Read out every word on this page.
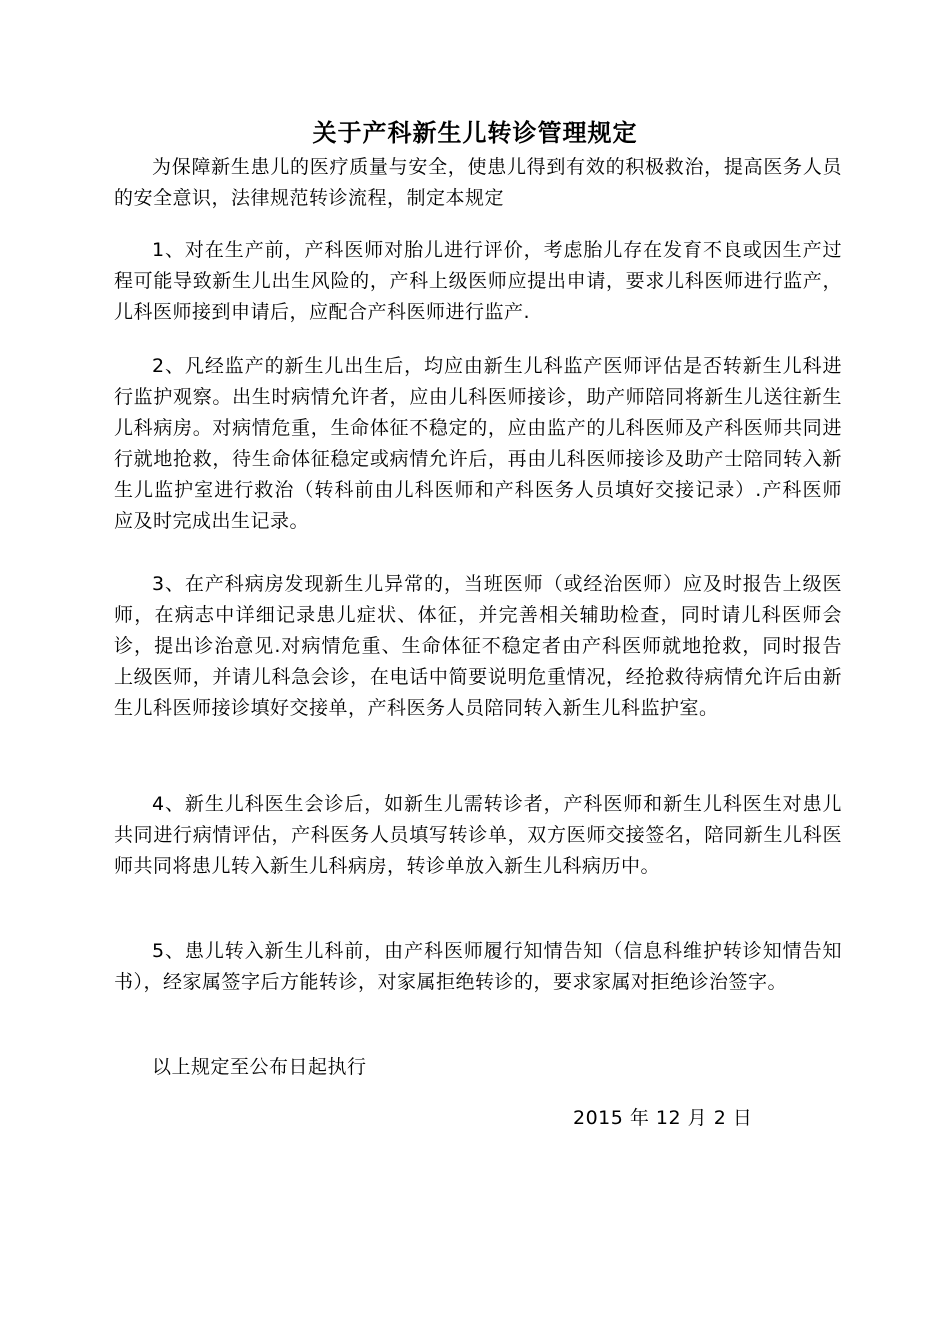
关于产科新生儿转诊管理规定

为保障新生患儿的医疗质量与安全，使患儿得到有效的积极救治，提高医务人员的安全意识，法律规范转诊流程，制定本规定

1、对在生产前，产科医师对胎儿进行评价，考虑胎儿存在发育不良或因生产过程可能导致新生儿出生风险的，产科上级医师应提出申请，要求儿科医师进行监产，儿科医师接到申请后，应配合产科医师进行监产.

2、凡经监产的新生儿出生后，均应由新生儿科监产医师评估是否转新生儿科进行监护观察。出生时病情允许者，应由儿科医师接诊，助产师陪同将新生儿送往新生儿科病房。对病情危重，生命体征不稳定的，应由监产的儿科医师及产科医师共同进行就地抢救，待生命体征稳定或病情允许后，再由儿科医师接诊及助产士陪同转入新生儿监护室进行救治（转科前由儿科医师和产科医务人员填好交接记录）.产科医师应及时完成出生记录。

3、在产科病房发现新生儿异常的，当班医师（或经治医师）应及时报告上级医师，在病志中详细记录患儿症状、体征，并完善相关辅助检查，同时请儿科医师会诊，提出诊治意见.对病情危重、生命体征不稳定者由产科医师就地抢救，同时报告上级医师，并请儿科急会诊，在电话中简要说明危重情况，经抢救待病情允许后由新生儿科医师接诊填好交接单，产科医务人员陪同转入新生儿科监护室。

4、新生儿科医生会诊后，如新生儿需转诊者，产科医师和新生儿科医生对患儿共同进行病情评估，产科医务人员填写转诊单，双方医师交接签名，陪同新生儿科医师共同将患儿转入新生儿科病房，转诊单放入新生儿科病历中。

5、患儿转入新生儿科前，由产科医师履行知情告知（信息科维护转诊知情告知书），经家属签字后方能转诊，对家属拒绝转诊的，要求家属对拒绝诊治签字。

以上规定至公布日起执行

2015 年 12 月 2 日
